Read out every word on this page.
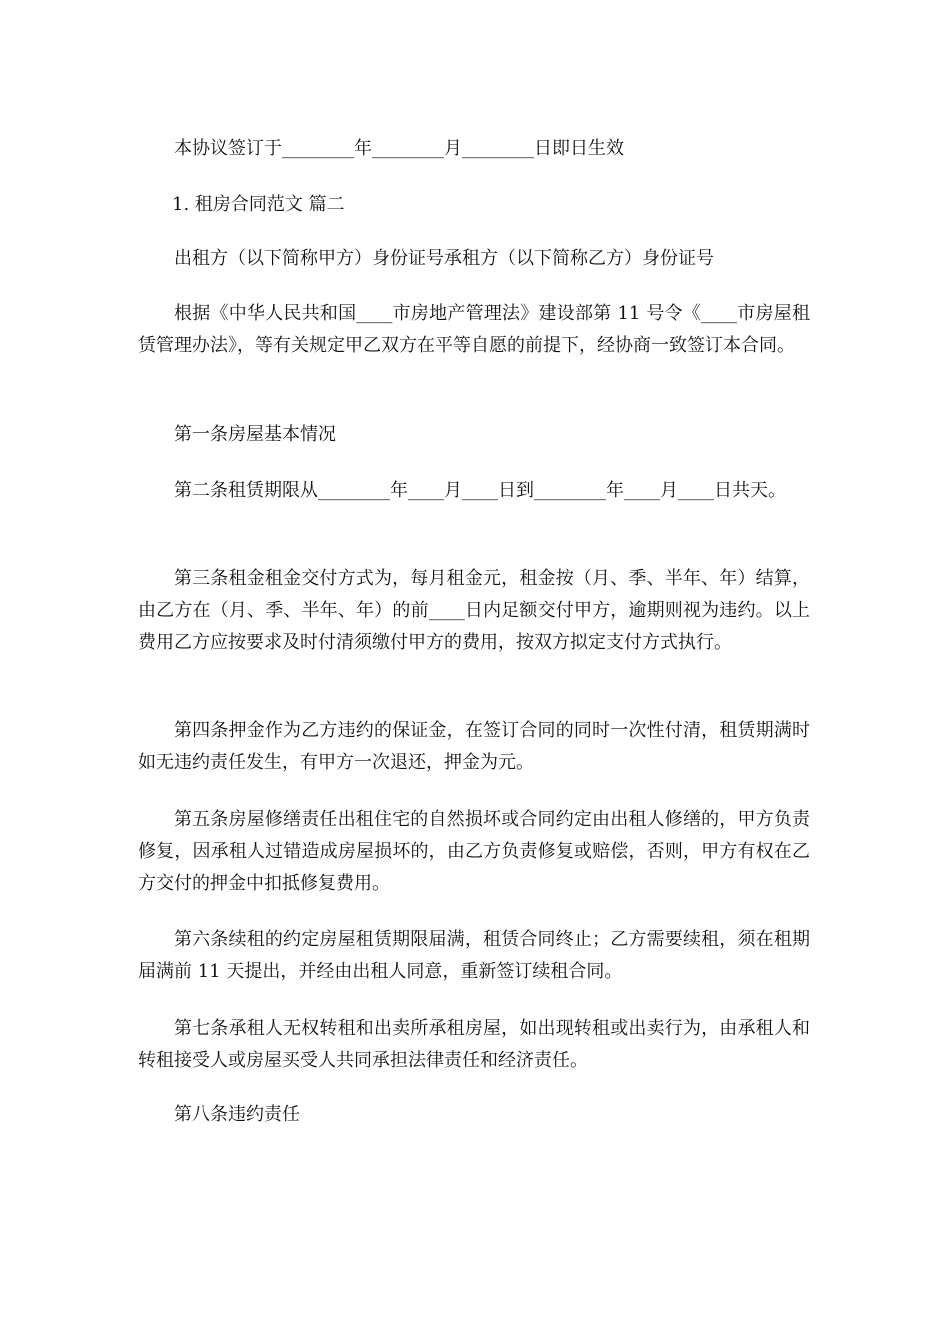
本协议签订于________年________月________日即日生效

1. 租房合同范文 篇二

出租方（以下简称甲方）身份证号承租方（以下简称乙方）身份证号

根据《中华人民共和国____市房地产管理法》建设部第 11 号令《____市房屋租赁管理办法》，等有关规定甲乙双方在平等自愿的前提下，经协商一致签订本合同。

第一条房屋基本情况

第二条租赁期限从________年____月____日到________年____月____日共天。

第三条租金租金交付方式为，每月租金元，租金按（月、季、半年、年）结算，由乙方在（月、季、半年、年）的前____日内足额交付甲方，逾期则视为违约。以上费用乙方应按要求及时付清须缴付甲方的费用，按双方拟定支付方式执行。

第四条押金作为乙方违约的保证金，在签订合同的同时一次性付清，租赁期满时如无违约责任发生，有甲方一次退还，押金为元。

第五条房屋修缮责任出租住宅的自然损坏或合同约定由出租人修缮的，甲方负责修复，因承租人过错造成房屋损坏的，由乙方负责修复或赔偿，否则，甲方有权在乙方交付的押金中扣抵修复费用。

第六条续租的约定房屋租赁期限届满，租赁合同终止；乙方需要续租，须在租期届满前 11 天提出，并经由出租人同意，重新签订续租合同。

第七条承租人无权转租和出卖所承租房屋，如出现转租或出卖行为，由承租人和转租接受人或房屋买受人共同承担法律责任和经济责任。

第八条违约责任
